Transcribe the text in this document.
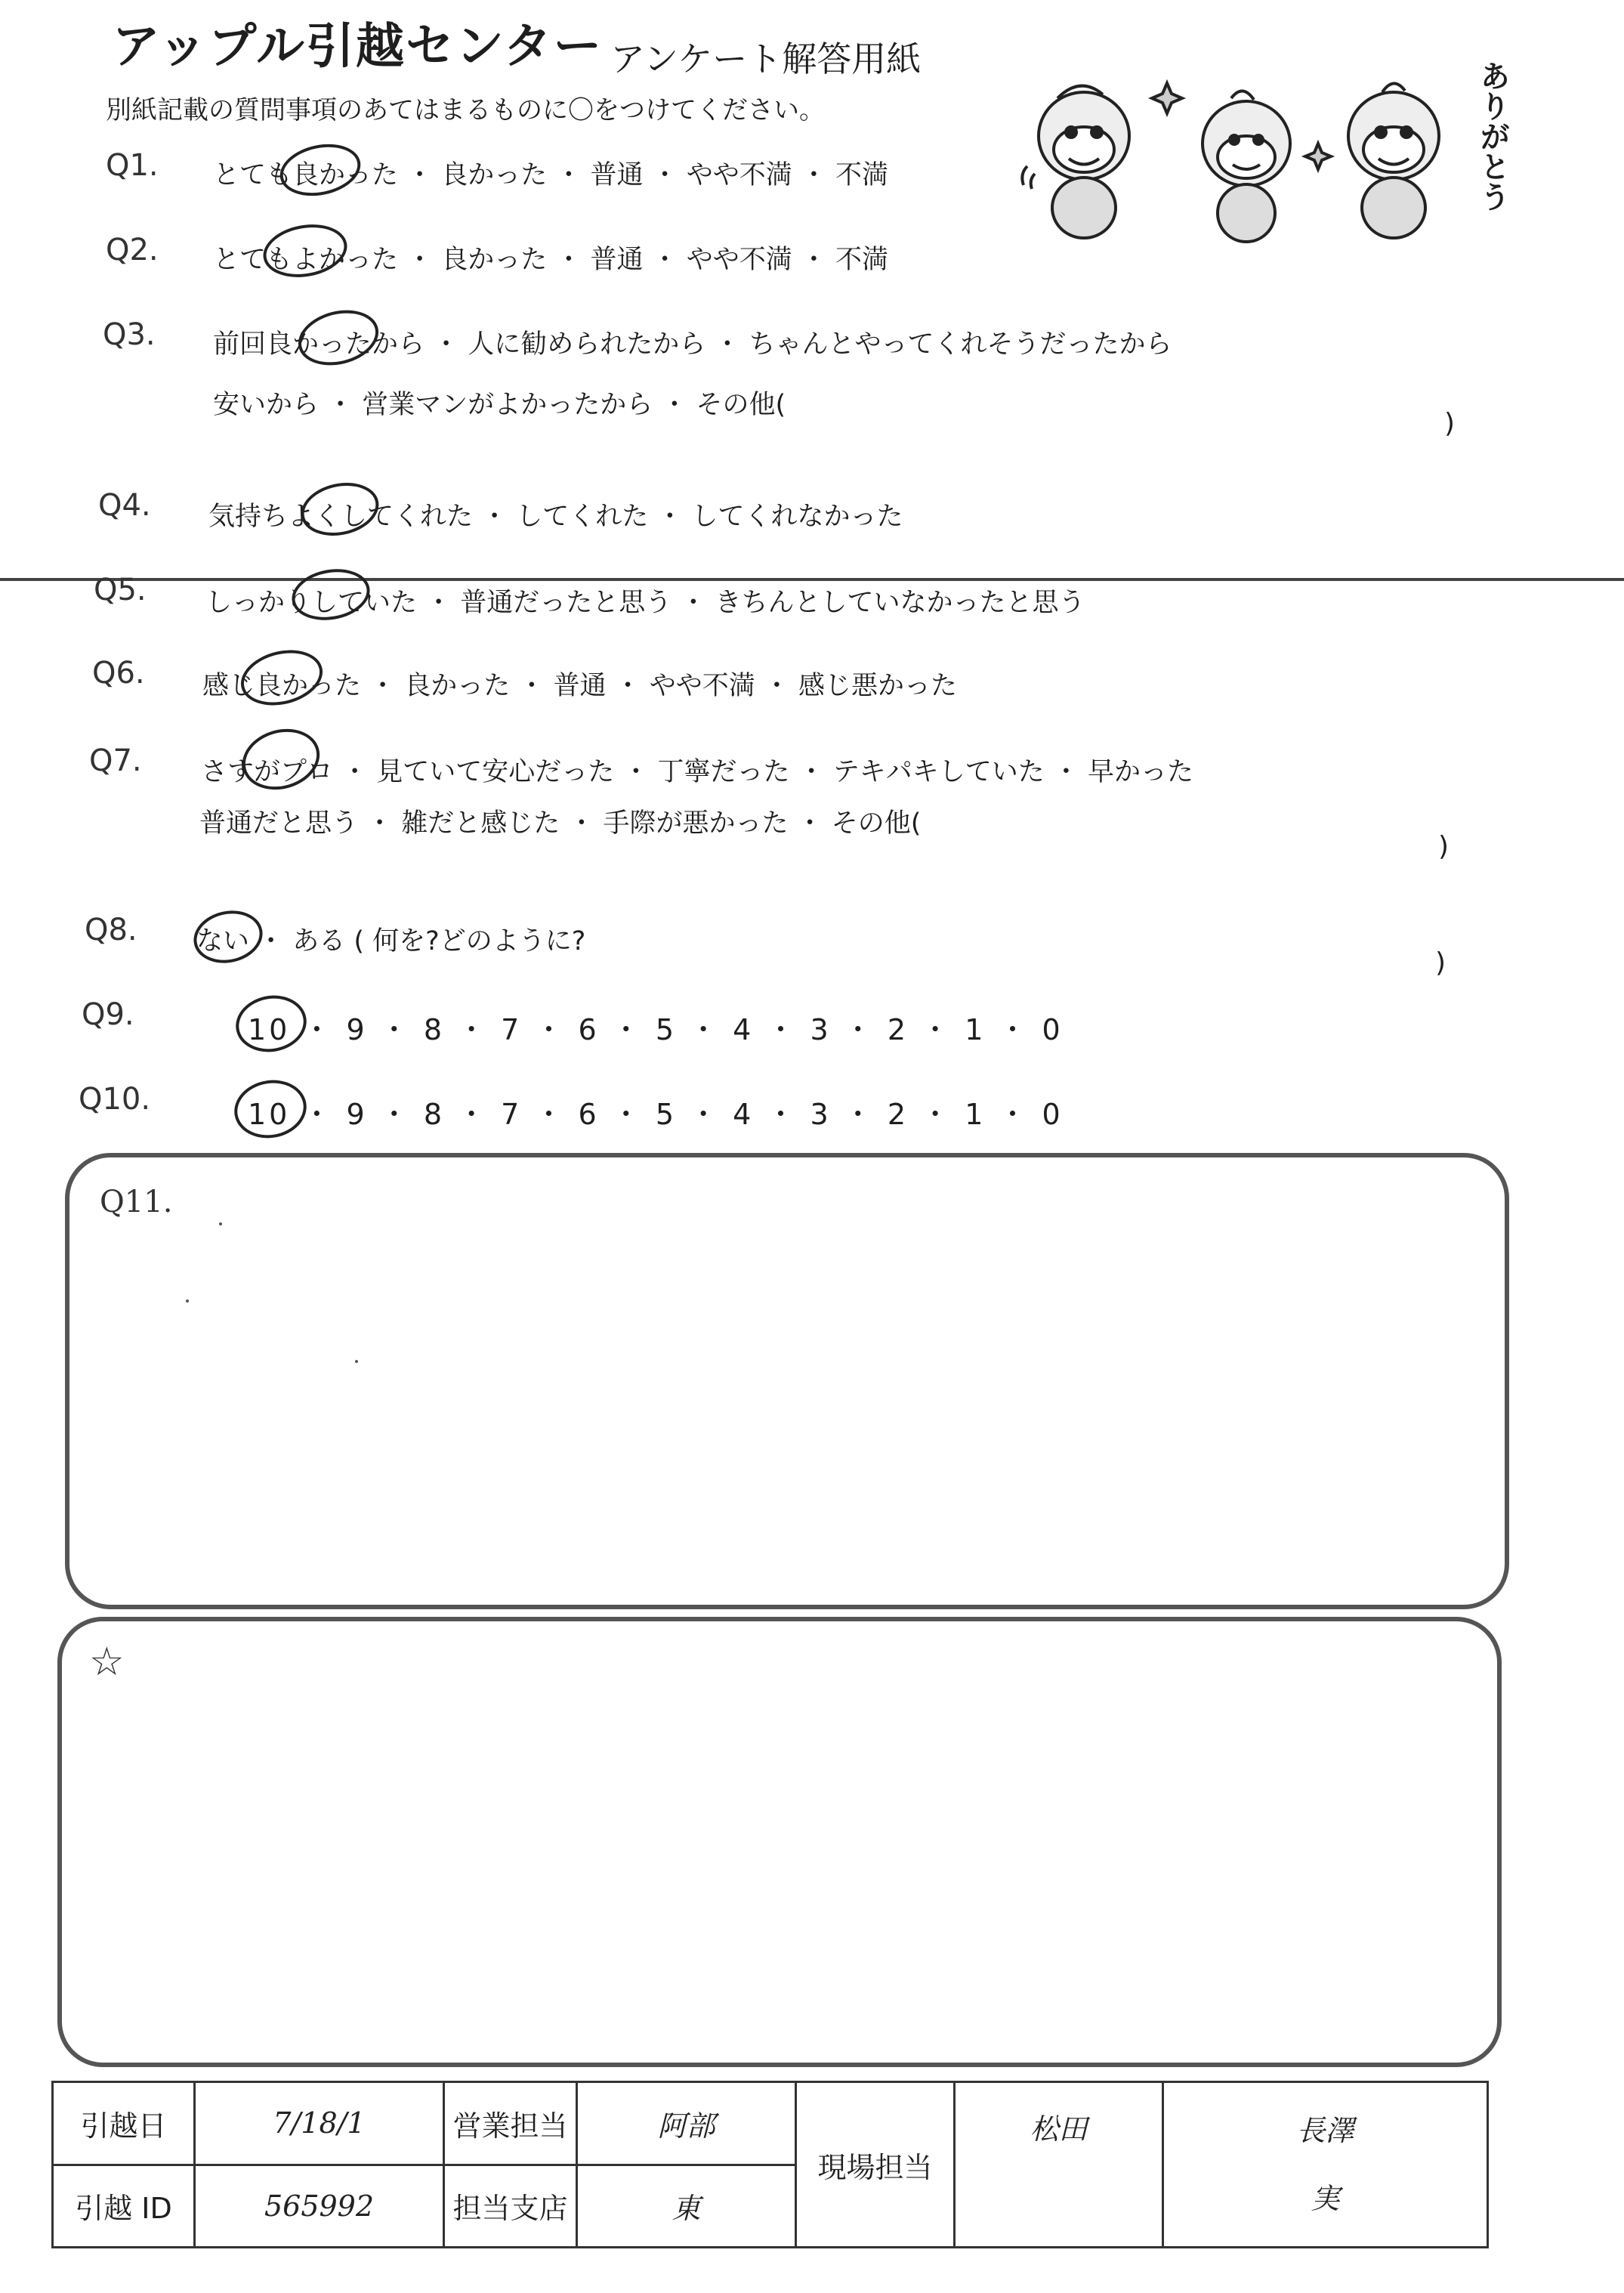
アップル引越センター アンケート解答用紙
別紙記載の質問事項のあてはまるものに〇をつけてください。	ありがとう
Q1. とても良かった ・ 良かった ・ 普通 ・ やや不満 ・ 不満
Q2. とてもよかった ・ 良かった ・ 普通 ・ やや不満 ・ 不満
Q3. 前回良かったから ・ 人に勧められたから ・ ちゃんとやってくれそうだったから
安いから ・ 営業マンがよかったから ・ その他(
)
Q4. 気持ちよくしてくれた ・ してくれた ・ してくれなかった
Q5. しっかりしていた ・ 普通だったと思う ・ きちんとしていなかったと思う
Q6. 感じ良かった ・ 良かった ・ 普通 ・ やや不満 ・ 感じ悪かった
Q7. さすがプロ ・ 見ていて安心だった ・ 丁寧だった ・ テキパキしていた ・ 早かった
普通だと思う ・ 雑だと感じた ・ 手際が悪かった ・ その他(
)
Q8. ない ・ ある ( 何を?どのように?
)
Q9.	10 ・ 9 ・ 8 ・ 7 ・ 6 ・ 5 ・ 4 ・ 3 ・ 2 ・ 1 ・ 0
Q10.	10 ・ 9 ・ 8 ・ 7 ・ 6 ・ 5 ・ 4 ・ 3 ・ 2 ・ 1 ・ 0
Q11.
☆
引越日	7/18/1	営業担当	阿部	現場担当	松田	長澤
実

引越 ID	565992	担当支店	東			
